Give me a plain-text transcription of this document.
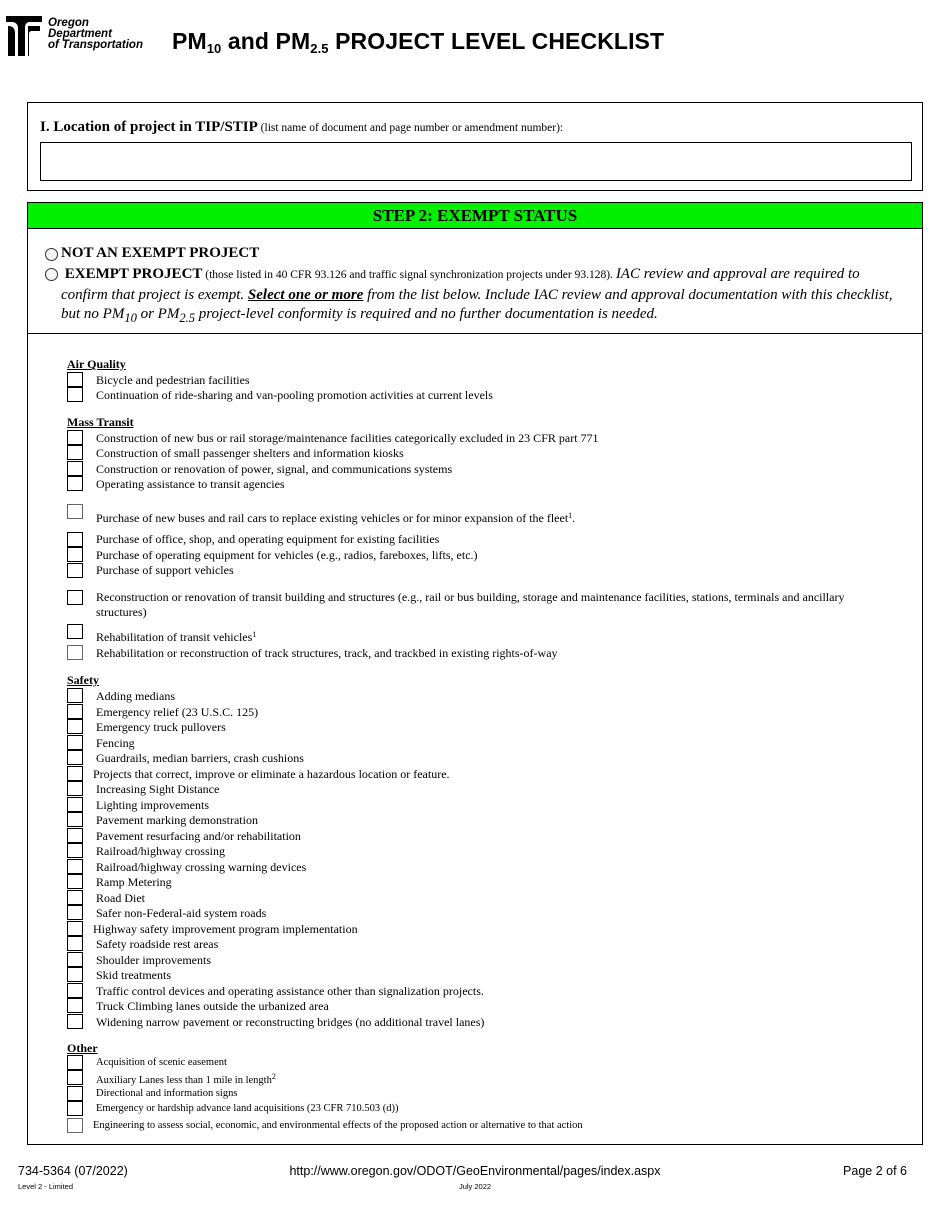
Oregon
Department
of Transportation $PM_{10}$ and $PM_{2.5}$ PROJECT LEVEL CHECKLIST
I. Location of project in TIP/STIP (list name of document and page number or amendment number):
STEP 2: EXEMPT STATUS
NOT AN EXEMPT PROJECT
EXEMPT PROJECT (those listed in 40 CFR 93.126 and traffic signal synchronization projects under 93.128). IAC review and approval are required to confirm that project is exempt. Select one or more from the list below. Include IAC review and approval documentation with this checklist, but no $PM_{10}$ or $PM_{2.5}$ project-level conformity is required and no further documentation is needed.
Air Quality
Bicycle and pedestrian facilities
Continuation of ride-sharing and van-pooling promotion activities at current levels
Mass Transit
Construction of new bus or rail storage/maintenance facilities categorically excluded in 23 CFR part 771
Construction of small passenger shelters and information kiosks
Construction or renovation of power, signal, and communications systems
Operating assistance to transit agencies
Purchase of new buses and rail cars to replace existing vehicles or for minor expansion of the fleet$^1$.
Purchase of office, shop, and operating equipment for existing facilities
Purchase of operating equipment for vehicles (e.g., radios, fareboxes, lifts, etc.)
Purchase of support vehicles
Reconstruction or renovation of transit building and structures (e.g., rail or bus building, storage and maintenance facilities, stations, terminals and ancillary structures)
Rehabilitation of transit vehicles$^1$
Rehabilitation or reconstruction of track structures, track, and trackbed in existing rights-of-way
Safety
Adding medians
Emergency relief (23 U.S.C. 125)
Emergency truck pullovers
Fencing
Guardrails, median barriers, crash cushions
Projects that correct, improve or eliminate a hazardous location or feature.
Increasing Sight Distance
Lighting improvements
Pavement marking demonstration
Pavement resurfacing and/or rehabilitation
Railroad/highway crossing
Railroad/highway crossing warning devices
Ramp Metering
Road Diet
Safer non-Federal-aid system roads
Highway safety improvement program implementation
Safety roadside rest areas
Shoulder improvements
Skid treatments
Traffic control devices and operating assistance other than signalization projects.
Truck Climbing lanes outside the urbanized area
Widening narrow pavement or reconstructing bridges (no additional travel lanes)
Other
Acquisition of scenic easement
Auxiliary Lanes less than 1 mile in length$^2$
Directional and information signs
Emergency or hardship advance land acquisitions (23 CFR 710.503 (d))
Engineering to assess social, economic, and environmental effects of the proposed action or alternative to that action
734-5364 (07/2022)
Level 2 - Limited
http://www.oregon.gov/ODOT/GeoEnvironmental/pages/index.aspx
July 2022
Page 2 of 6
